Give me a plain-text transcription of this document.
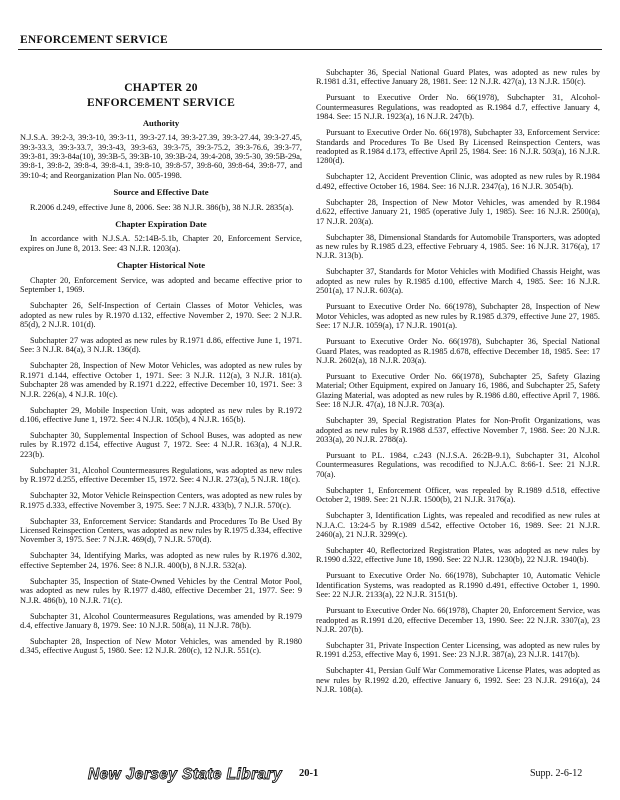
ENFORCEMENT SERVICE
CHAPTER 20
ENFORCEMENT SERVICE
Authority

N.J.S.A. 39:2-3, 39:3-10, 39:3-11, 39:3-27.14, 39:3-27.39, 39:3-27.44, 39:3-27.45, 39:3-33.3, 39:3-33.7, 39:3-43, 39:3-63, 39:3-75, 39:3-75.2, 39:3-76.6, 39:3-77, 39:3-81, 39:3-84a(10), 39:3B-5, 39:3B-10, 39:3B-24, 39:4-208, 39:5-30, 39:5B-29a, 39:8-1, 39:8-2, 39:8-4, 39:8-4.1, 39:8-10, 39:8-57, 39:8-60, 39:8-64, 39:8-77, and 39:10-4; and Reorganization Plan No. 005-1998.

Source and Effective Date

R.2006 d.249, effective June 8, 2006. See: 38 N.J.R. 386(b), 38 N.J.R. 2835(a).

Chapter Expiration Date

In accordance with N.J.S.A. 52:14B-5.1b, Chapter 20, Enforcement Service, expires on June 8, 2013. See: 43 N.J.R. 1203(a).

Chapter Historical Note

Chapter 20, Enforcement Service, was adopted and became effective prior to September 1, 1969.

Subchapter 26, Self-Inspection of Certain Classes of Motor Vehicles, was adopted as new rules by R.1970 d.132, effective November 2, 1970. See: 2 N.J.R. 85(d), 2 N.J.R. 101(d).

Subchapter 27 was adopted as new rules by R.1971 d.86, effective June 1, 1971. See: 3 N.J.R. 84(a), 3 N.J.R. 136(d).

Subchapter 28, Inspection of New Motor Vehicles, was adopted as new rules by R.1971 d.144, effective October 1, 1971. See: 3 N.J.R. 112(a), 3 N.J.R. 181(a). Subchapter 28 was amended by R.1971 d.222, effective December 10, 1971. See: 3 N.J.R. 226(a), 4 N.J.R. 10(c).

Subchapter 29, Mobile Inspection Unit, was adopted as new rules by R.1972 d.106, effective June 1, 1972. See: 4 N.J.R. 105(b), 4 N.J.R. 165(b).

Subchapter 30, Supplemental Inspection of School Buses, was adopted as new rules by R.1972 d.154, effective August 7, 1972. See: 4 N.J.R. 163(a), 4 N.J.R. 223(b).

Subchapter 31, Alcohol Countermeasures Regulations, was adopted as new rules by R.1972 d.255, effective December 15, 1972. See: 4 N.J.R. 273(a), 5 N.J.R. 18(c).

Subchapter 32, Motor Vehicle Reinspection Centers, was adopted as new rules by R.1975 d.333, effective November 3, 1975. See: 7 N.J.R. 433(b), 7 N.J.R. 570(c).

Subchapter 33, Enforcement Service: Standards and Procedures To Be Used By Licensed Reinspection Centers, was adopted as new rules by R.1975 d.334, effective November 3, 1975. See: 7 N.J.R. 469(d), 7 N.J.R. 570(d).

Subchapter 34, Identifying Marks, was adopted as new rules by R.1976 d.302, effective September 24, 1976. See: 8 N.J.R. 400(b), 8 N.J.R. 532(a).

Subchapter 35, Inspection of State-Owned Vehicles by the Central Motor Pool, was adopted as new rules by R.1977 d.480, effective December 21, 1977. See: 9 N.J.R. 486(b), 10 N.J.R. 71(c).

Subchapter 31, Alcohol Countermeasures Regulations, was amended by R.1979 d.4, effective January 8, 1979. See: 10 N.J.R. 508(a), 11 N.J.R. 78(b).

Subchapter 28, Inspection of New Motor Vehicles, was amended by R.1980 d.345, effective August 5, 1980. See: 12 N.J.R. 280(c), 12 N.J.R. 551(c).

Subchapter 36, Special National Guard Plates, was adopted as new rules by R.1981 d.31, effective January 28, 1981. See: 12 N.J.R. 427(a), 13 N.J.R. 150(c).

Pursuant to Executive Order No. 66(1978), Subchapter 31, Alcohol-Countermeasures Regulations, was readopted as R.1984 d.7, effective January 4, 1984. See: 15 N.J.R. 1923(a), 16 N.J.R. 247(b).

Pursuant to Executive Order No. 66(1978), Subchapter 33, Enforcement Service: Standards and Procedures To Be Used By Licensed Reinspection Centers, was readopted as R.1984 d.173, effective April 25, 1984. See: 16 N.J.R. 503(a), 16 N.J.R. 1280(d).

Subchapter 12, Accident Prevention Clinic, was adopted as new rules by R.1984 d.492, effective October 16, 1984. See: 16 N.J.R. 2347(a), 16 N.J.R. 3054(b).

Subchapter 28, Inspection of New Motor Vehicles, was amended by R.1984 d.622, effective January 21, 1985 (operative July 1, 1985). See: 16 N.J.R. 2500(a), 17 N.J.R. 203(a).

Subchapter 38, Dimensional Standards for Automobile Transporters, was adopted as new rules by R.1985 d.23, effective February 4, 1985. See: 16 N.J.R. 3176(a), 17 N.J.R. 313(b).

Subchapter 37, Standards for Motor Vehicles with Modified Chassis Height, was adopted as new rules by R.1985 d.100, effective March 4, 1985. See: 16 N.J.R. 2501(a), 17 N.J.R. 603(a).

Pursuant to Executive Order No. 66(1978), Subchapter 28, Inspection of New Motor Vehicles, was adopted as new rules by R.1985 d.379, effective June 27, 1985. See: 17 N.J.R. 1059(a), 17 N.J.R. 1901(a).

Pursuant to Executive Order No. 66(1978), Subchapter 36, Special National Guard Plates, was readopted as R.1985 d.678, effective December 18, 1985. See: 17 N.J.R. 2602(a), 18 N.J.R. 203(a).

Pursuant to Executive Order No. 66(1978), Subchapter 25, Safety Glazing Material; Other Equipment, expired on January 16, 1986, and Subchapter 25, Safety Glazing Material, was adopted as new rules by R.1986 d.80, effective April 7, 1986. See: 18 N.J.R. 47(a), 18 N.J.R. 703(a).

Subchapter 39, Special Registration Plates for Non-Profit Organizations, was adopted as new rules by R.1988 d.537, effective November 7, 1988. See: 20 N.J.R. 2033(a), 20 N.J.R. 2788(a).

Pursuant to P.L. 1984, c.243 (N.J.S.A. 26:2B-9.1), Subchapter 31, Alcohol Countermeasures Regulations, was recodified to N.J.A.C. 8:66-1. See: 21 N.J.R. 70(a).

Subchapter 1, Enforcement Officer, was repealed by R.1989 d.518, effective October 2, 1989. See: 21 N.J.R. 1500(b), 21 N.J.R. 3176(a).

Subchapter 3, Identification Lights, was repealed and recodified as new rules at N.J.A.C. 13:24-5 by R.1989 d.542, effective October 16, 1989. See: 21 N.J.R. 2460(a), 21 N.J.R. 3299(c).

Subchapter 40, Reflectorized Registration Plates, was adopted as new rules by R.1990 d.322, effective June 18, 1990. See: 22 N.J.R. 1230(b), 22 N.J.R. 1940(b).

Pursuant to Executive Order No. 66(1978), Subchapter 10, Automatic Vehicle Identification Systems, was readopted as R.1990 d.491, effective October 1, 1990. See: 22 N.J.R. 2133(a), 22 N.J.R. 3151(b).

Pursuant to Executive Order No. 66(1978), Chapter 20, Enforcement Service, was readopted as R.1991 d.20, effective December 13, 1990. See: 22 N.J.R. 3307(a), 23 N.J.R. 207(b).

Subchapter 31, Private Inspection Center Licensing, was adopted as new rules by R.1991 d.253, effective May 6, 1991. See: 23 N.J.R. 387(a), 23 N.J.R. 1417(b).

Subchapter 41, Persian Gulf War Commemorative License Plates, was adopted as new rules by R.1992 d.20, effective January 6, 1992. See: 23 N.J.R. 2916(a), 24 N.J.R. 108(a).

New Jersey State Library 20-1	Supp. 2-6-12
